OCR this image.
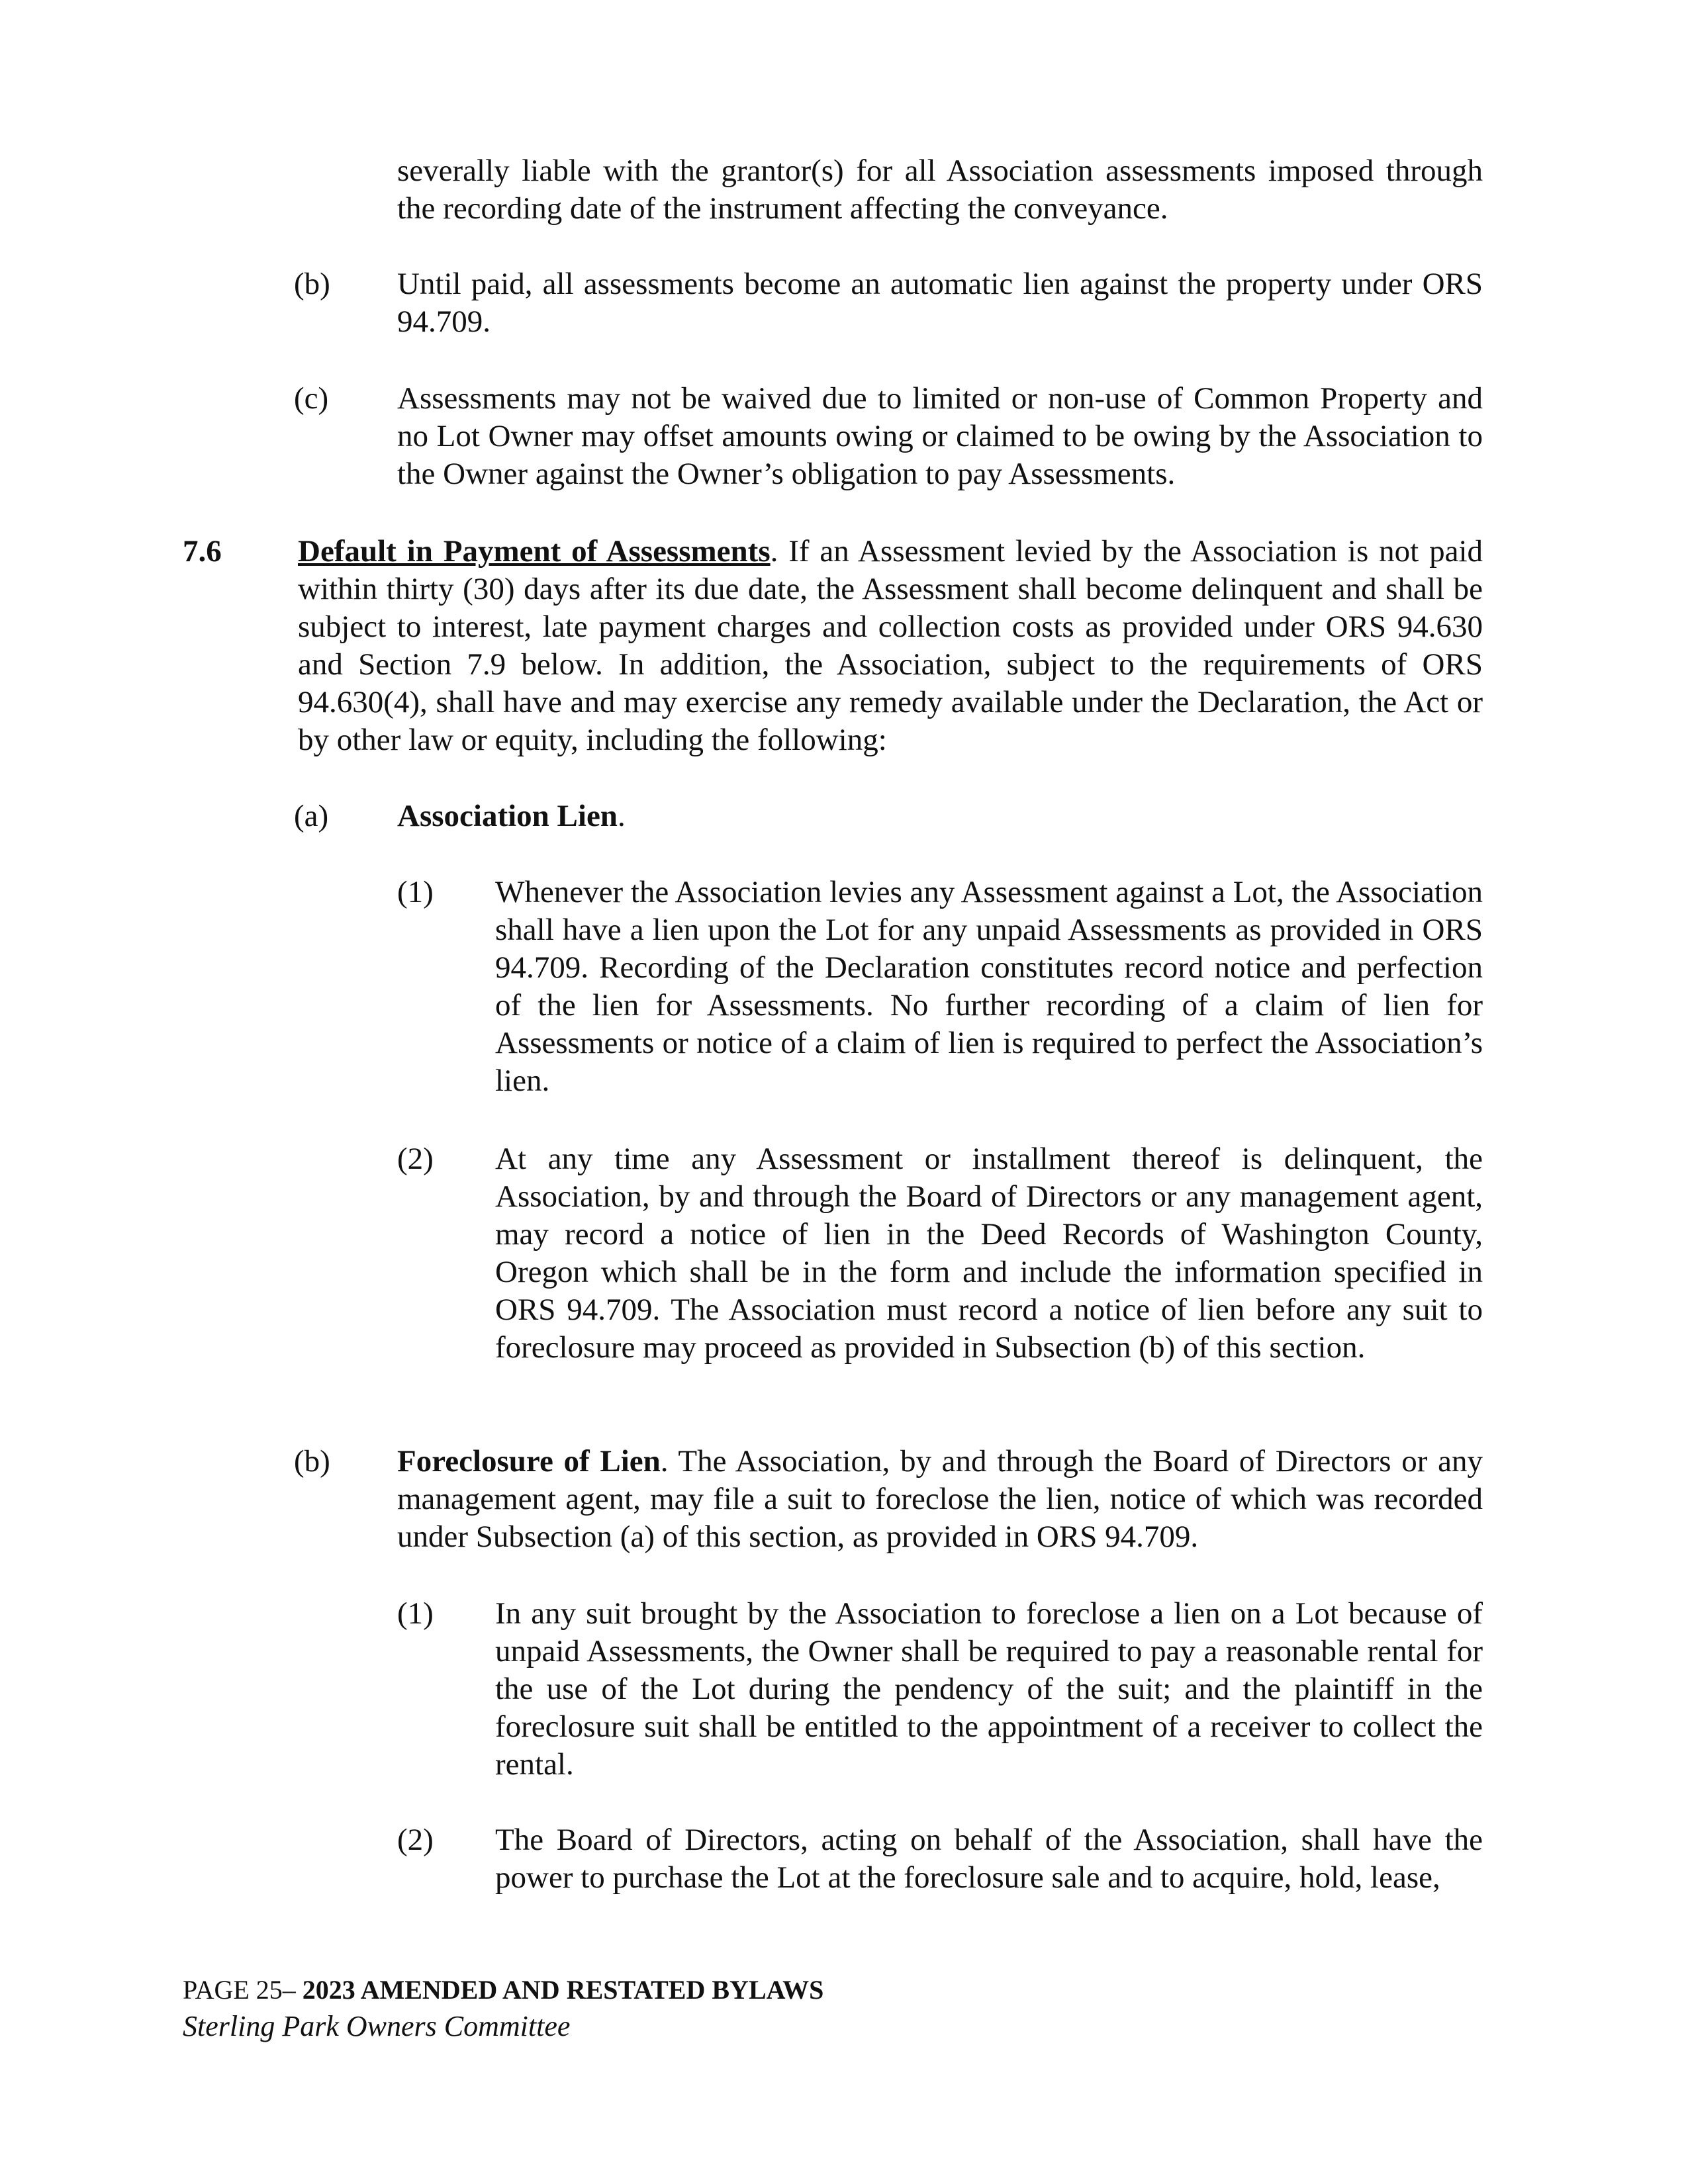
severally liable with the grantor(s) for all Association assessments imposed through the recording date of the instrument affecting the conveyance.
(b) Until paid, all assessments become an automatic lien against the property under ORS 94.709.
(c) Assessments may not be waived due to limited or non-use of Common Property and no Lot Owner may offset amounts owing or claimed to be owing by the Association to the Owner against the Owner’s obligation to pay Assessments.
7.6 Default in Payment of Assessments. If an Assessment levied by the Association is not paid within thirty (30) days after its due date, the Assessment shall become delinquent and shall be subject to interest, late payment charges and collection costs as provided under ORS 94.630 and Section 7.9 below. In addition, the Association, subject to the requirements of ORS 94.630(4), shall have and may exercise any remedy available under the Declaration, the Act or by other law or equity, including the following:
(a) Association Lien.
(1) Whenever the Association levies any Assessment against a Lot, the Association shall have a lien upon the Lot for any unpaid Assessments as provided in ORS 94.709. Recording of the Declaration constitutes record notice and perfection of the lien for Assessments. No further recording of a claim of lien for Assessments or notice of a claim of lien is required to perfect the Association’s lien.
(2) At any time any Assessment or installment thereof is delinquent, the Association, by and through the Board of Directors or any management agent, may record a notice of lien in the Deed Records of Washington County, Oregon which shall be in the form and include the information specified in ORS 94.709. The Association must record a notice of lien before any suit to foreclosure may proceed as provided in Subsection (b) of this section.
(b) Foreclosure of Lien. The Association, by and through the Board of Directors or any management agent, may file a suit to foreclose the lien, notice of which was recorded under Subsection (a) of this section, as provided in ORS 94.709.
(1) In any suit brought by the Association to foreclose a lien on a Lot because of unpaid Assessments, the Owner shall be required to pay a reasonable rental for the use of the Lot during the pendency of the suit; and the plaintiff in the foreclosure suit shall be entitled to the appointment of a receiver to collect the rental.
(2) The Board of Directors, acting on behalf of the Association, shall have the power to purchase the Lot at the foreclosure sale and to acquire, hold, lease,
PAGE 25– 2023 AMENDED AND RESTATED BYLAWS
Sterling Park Owners Committee
